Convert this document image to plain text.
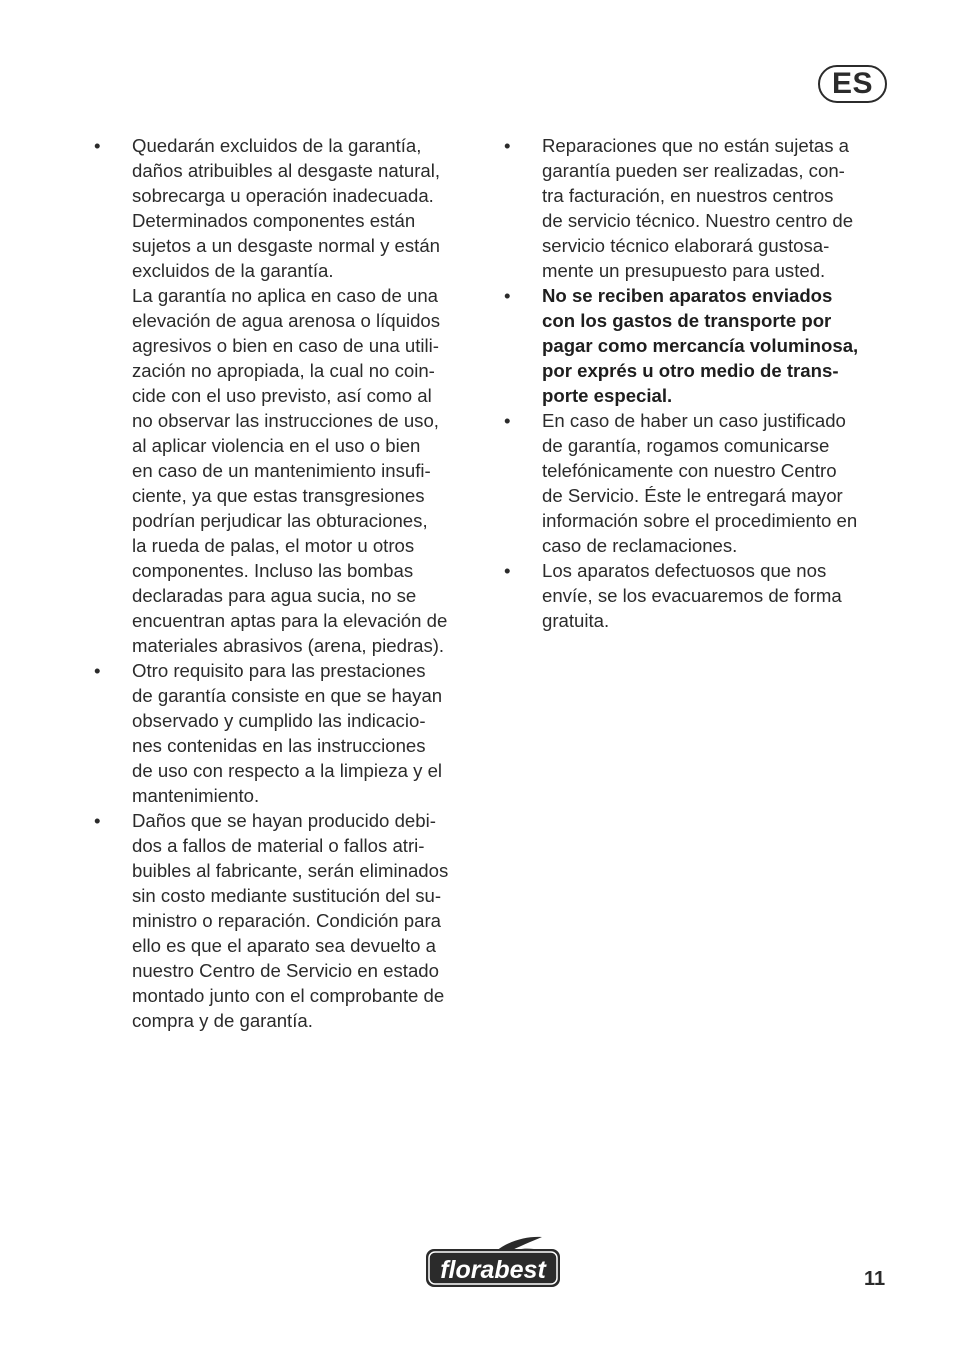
ES
• Quedarán excluidos de la garantía,
daños atribuibles al desgaste natural,
sobrecarga u operación inadecuada.
Determinados componentes están
sujetos a un desgaste normal y están
excluidos de la garantía.
La garantía no aplica en caso de una
elevación de agua arenosa o líquidos
agresivos o bien en caso de una utili-
zación no apropiada, la cual no coin-
cide con el uso previsto, así como al
no observar las instrucciones de uso,
al aplicar violencia en el uso o bien
en caso de un mantenimiento insufi-
ciente, ya que estas transgresiones
podrían perjudicar las obturaciones,
la rueda de palas, el motor u otros
componentes. Incluso las bombas
declaradas para agua sucia, no se
encuentran aptas para la elevación de
materiales abrasivos (arena, piedras).
• Otro requisito para las prestaciones
de garantía consiste en que se hayan
observado y cumplido las indicacio-
nes contenidas en las instrucciones
de uso con respecto a la limpieza y el
mantenimiento.
• Daños que se hayan producido debi-
dos a fallos de material o fallos atri-
buibles al fabricante, serán eliminados
sin costo mediante sustitución del su-
ministro o reparación. Condición para
ello es que el aparato sea devuelto a
nuestro Centro de Servicio en estado
montado junto con el comprobante de
compra y de garantía.
• Reparaciones que no están sujetas a
garantía pueden ser realizadas, con-
tra facturación, en nuestros centros
de servicio técnico. Nuestro centro de
servicio técnico elaborará gustosa-
mente un presupuesto para usted.
• No se reciben aparatos enviados
con los gastos de transporte por
pagar como mercancía voluminosa,
por exprés u otro medio de trans-
porte especial.
• En caso de haber un caso justificado
de garantía, rogamos comunicarse
telefónicamente con nuestro Centro
de Servicio. Éste le entregará mayor
información sobre el procedimiento en
caso de reclamaciones.
• Los aparatos defectuosos que nos
envíe, se los evacuaremos de forma
gratuita.
florabest	11
